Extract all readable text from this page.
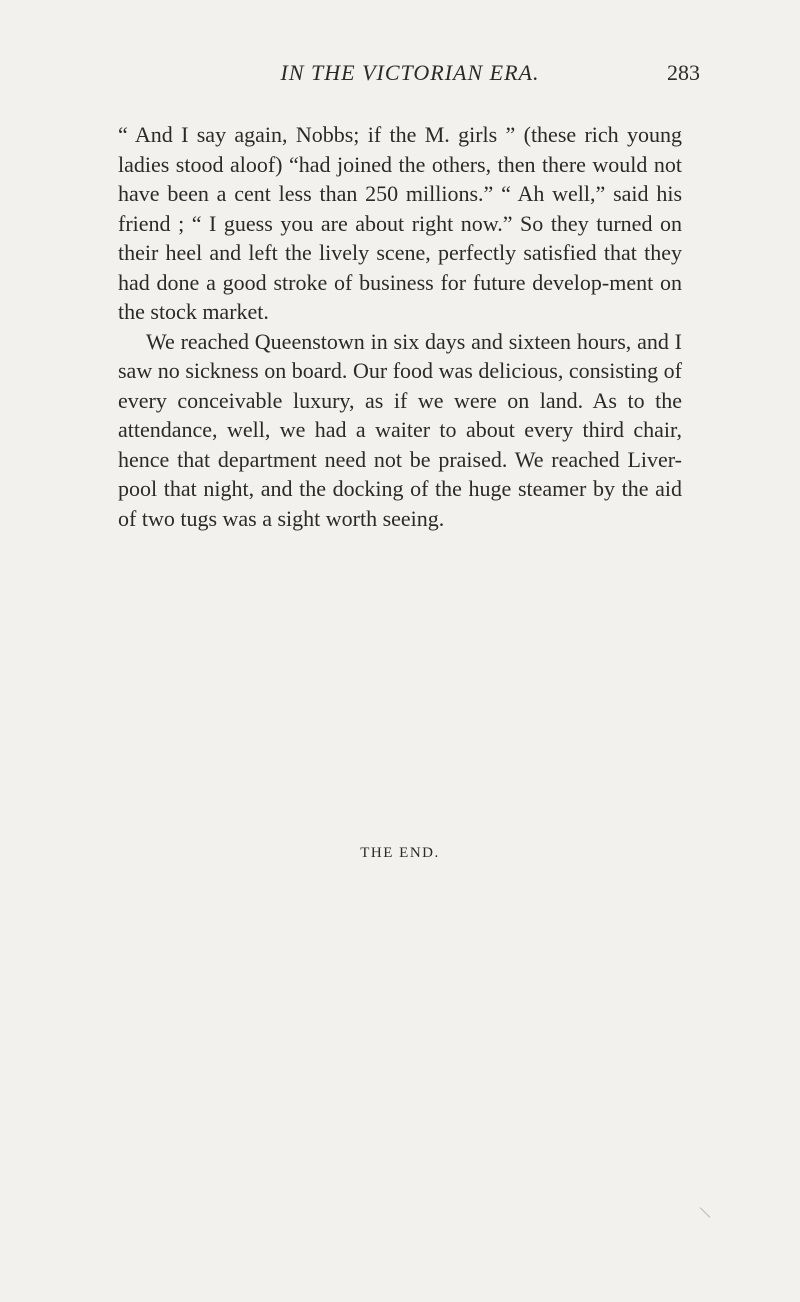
IN THE VICTORIAN ERA.	283

“ And I say again, Nobbs; if the M. girls ” (these rich young ladies stood aloof) “had joined the others, then there would not have been a cent less than 250 millions.” “ Ah well,” said his friend ; “ I guess you are about right now.” So they turned on their heel and left the lively scene, perfectly satisfied that they had done a good stroke of business for future develop-ment on the stock market.

We reached Queenstown in six days and sixteen hours, and I saw no sickness on board. Our food was delicious, consisting of every conceivable luxury, as if we were on land. As to the attendance, well, we had a waiter to about every third chair, hence that department need not be praised. We reached Liver-pool that night, and the docking of the huge steamer by the aid of two tugs was a sight worth seeing.

THE END.
